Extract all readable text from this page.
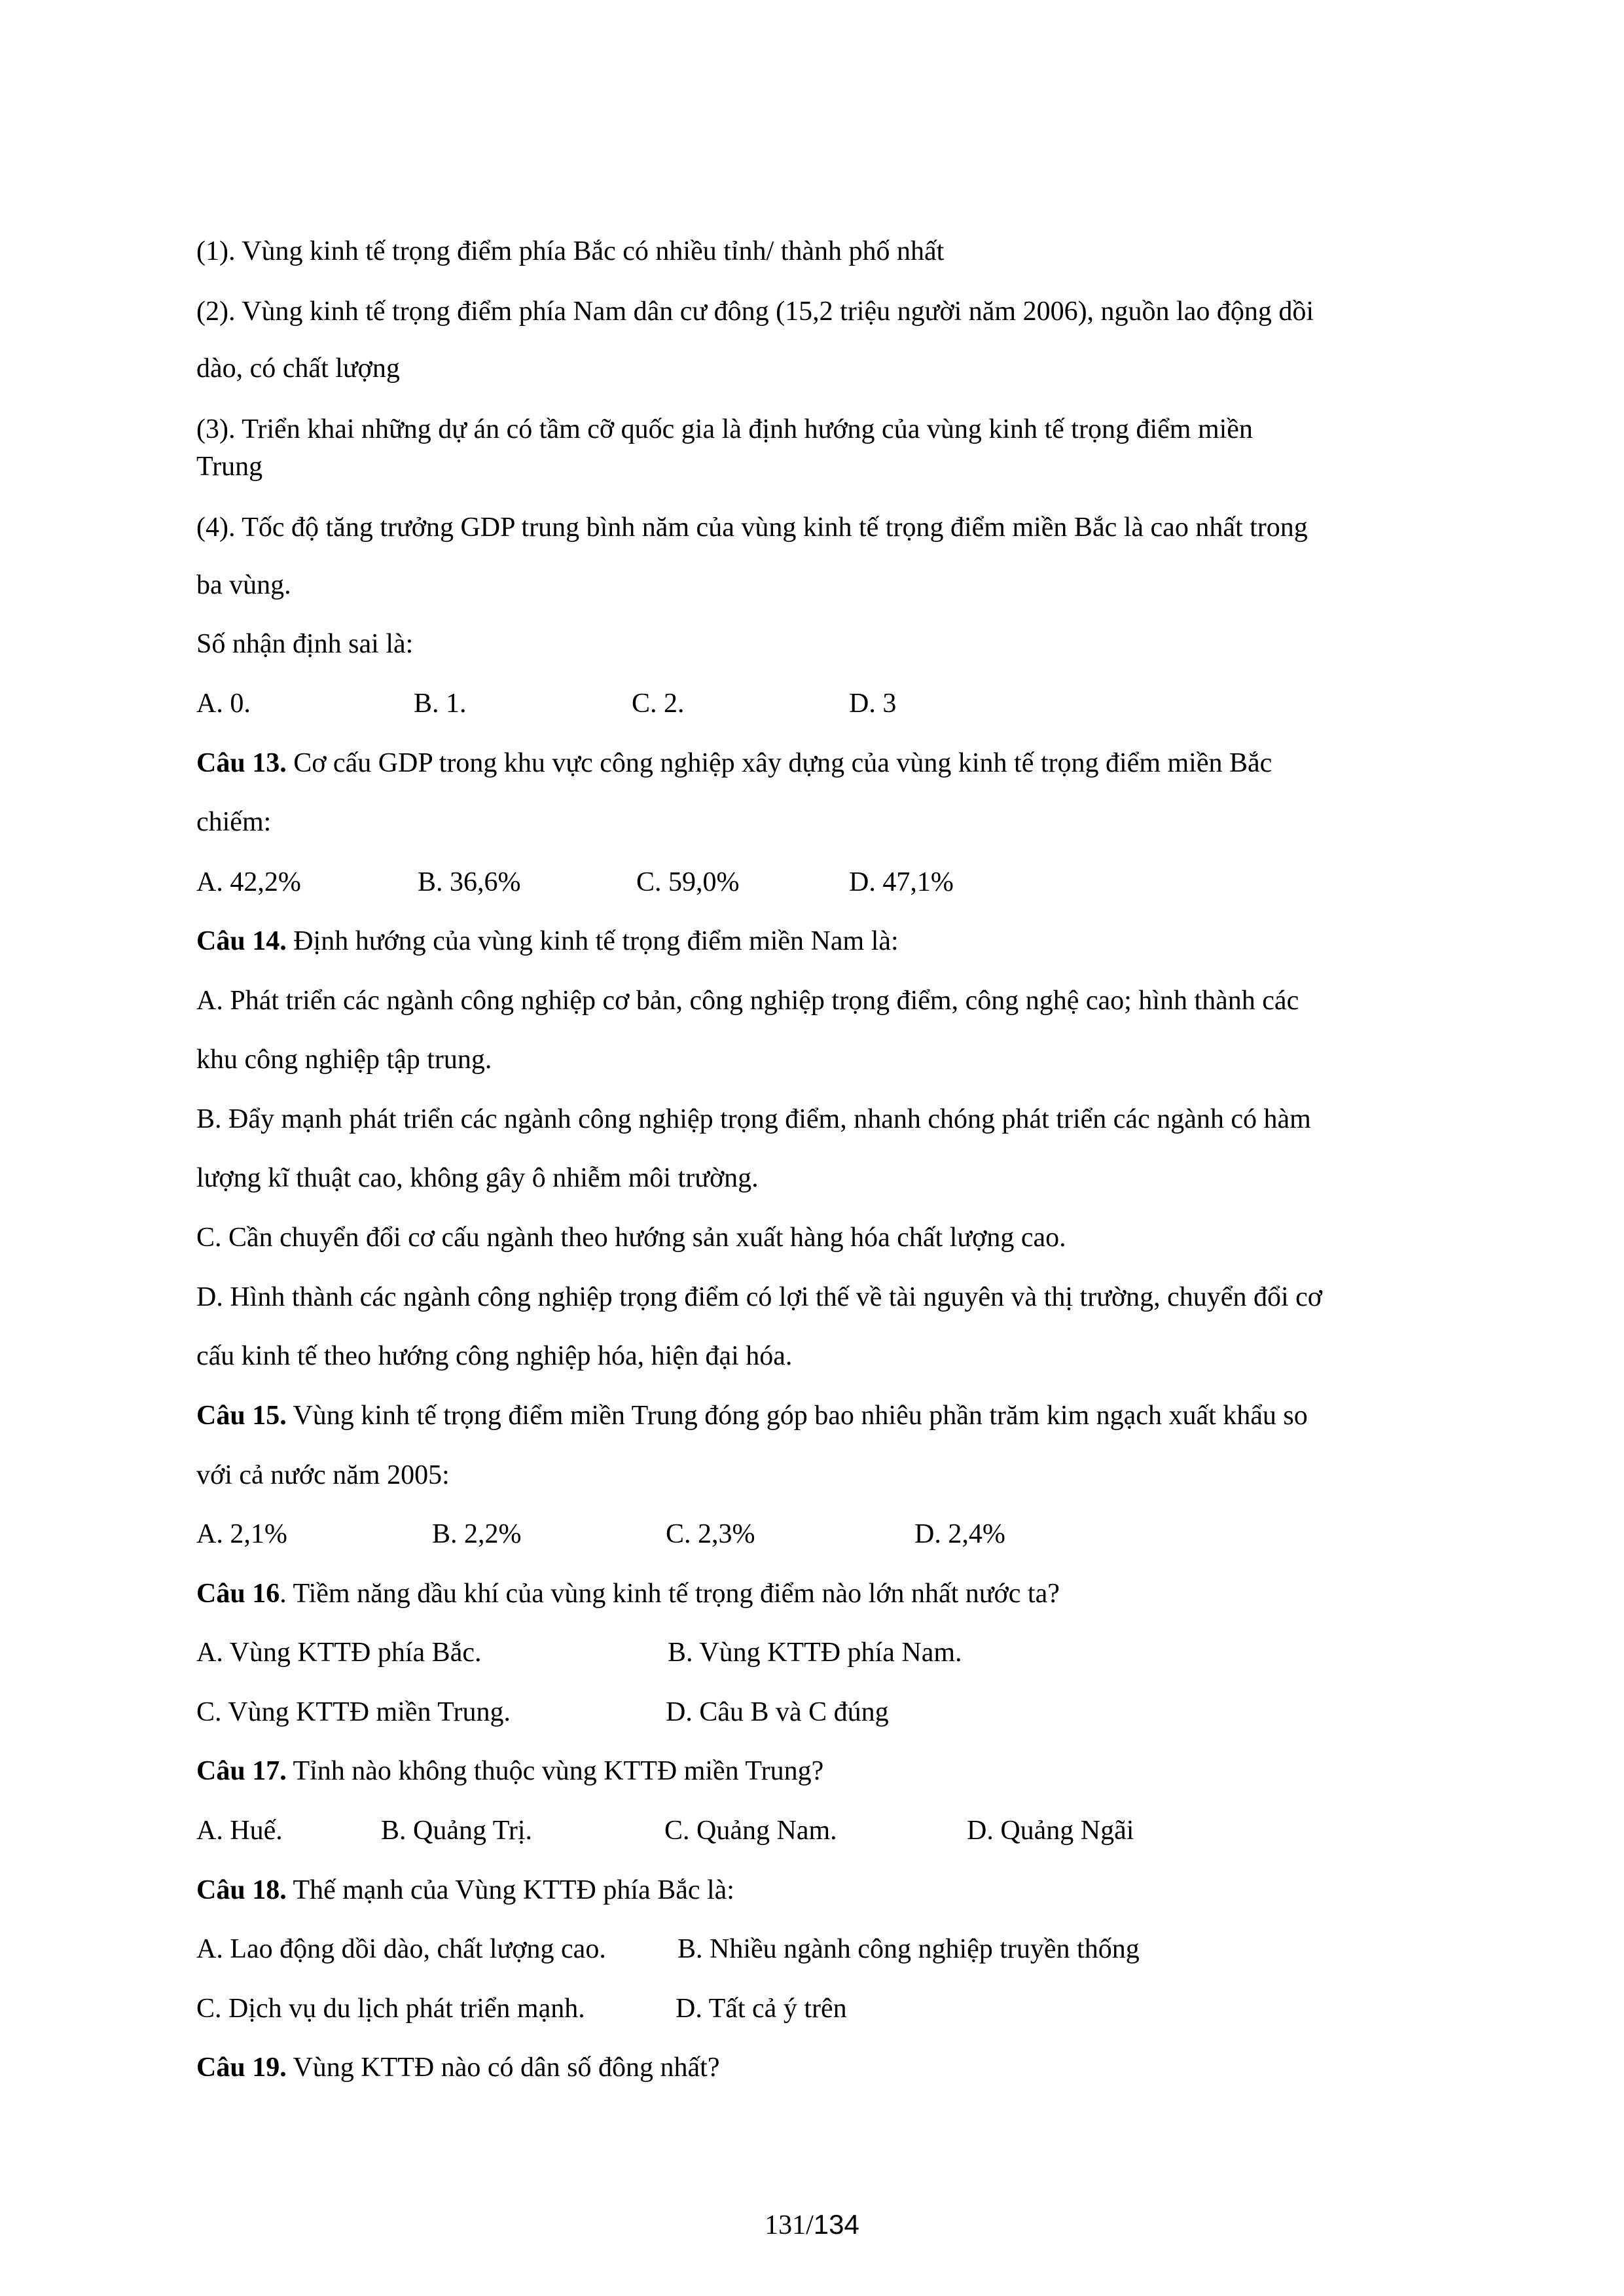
(1). Vùng kinh tế trọng điểm phía Bắc có nhiều tỉnh/ thành phố nhất
(2). Vùng kinh tế trọng điểm phía Nam dân cư đông (15,2 triệu người năm 2006), nguồn lao động dồi
dào, có chất lượng
(3). Triển khai những dự án có tầm cỡ quốc gia là định hướng của vùng kinh tế trọng điểm miền
Trung
(4). Tốc độ tăng trưởng GDP trung bình năm của vùng kinh tế trọng điểm miền Bắc là cao nhất trong
ba vùng.
Số nhận định sai là:
A. 0.	B. 1.	C. 2.	D. 3
Câu 13. Cơ cấu GDP trong khu vực công nghiệp xây dựng của vùng kinh tế trọng điểm miền Bắc
chiếm:
A. 42,2%	B. 36,6%	C. 59,0%	D. 47,1%
Câu 14. Định hướng của vùng kinh tế trọng điểm miền Nam là:
A. Phát triển các ngành công nghiệp cơ bản, công nghiệp trọng điểm, công nghệ cao; hình thành các
khu công nghiệp tập trung.
B. Đẩy mạnh phát triển các ngành công nghiệp trọng điểm, nhanh chóng phát triển các ngành có hàm
lượng kĩ thuật cao, không gây ô nhiễm môi trường.
C. Cần chuyển đổi cơ cấu ngành theo hướng sản xuất hàng hóa chất lượng cao.
D. Hình thành các ngành công nghiệp trọng điểm có lợi thế về tài nguyên và thị trường, chuyển đổi cơ
cấu kinh tế theo hướng công nghiệp hóa, hiện đại hóa.
Câu 15. Vùng kinh tế trọng điểm miền Trung đóng góp bao nhiêu phần trăm kim ngạch xuất khẩu so
với cả nước năm 2005:
A. 2,1%	B. 2,2%	C. 2,3%	D. 2,4%
Câu 16. Tiềm năng dầu khí của vùng kinh tế trọng điểm nào lớn nhất nước ta?
A. Vùng KTTĐ phía Bắc.	B. Vùng KTTĐ phía Nam.
C. Vùng KTTĐ miền Trung.	D. Câu B và C đúng
Câu 17. Tỉnh nào không thuộc vùng KTTĐ miền Trung?
A. Huế.	B. Quảng Trị.	C. Quảng Nam.	D. Quảng Ngãi
Câu 18. Thế mạnh của Vùng KTTĐ phía Bắc là:
A. Lao động dồi dào, chất lượng cao.	B. Nhiều ngành công nghiệp truyền thống
C. Dịch vụ du lịch phát triển mạnh.	D. Tất cả ý trên
Câu 19. Vùng KTTĐ nào có dân số đông nhất?
131/134
